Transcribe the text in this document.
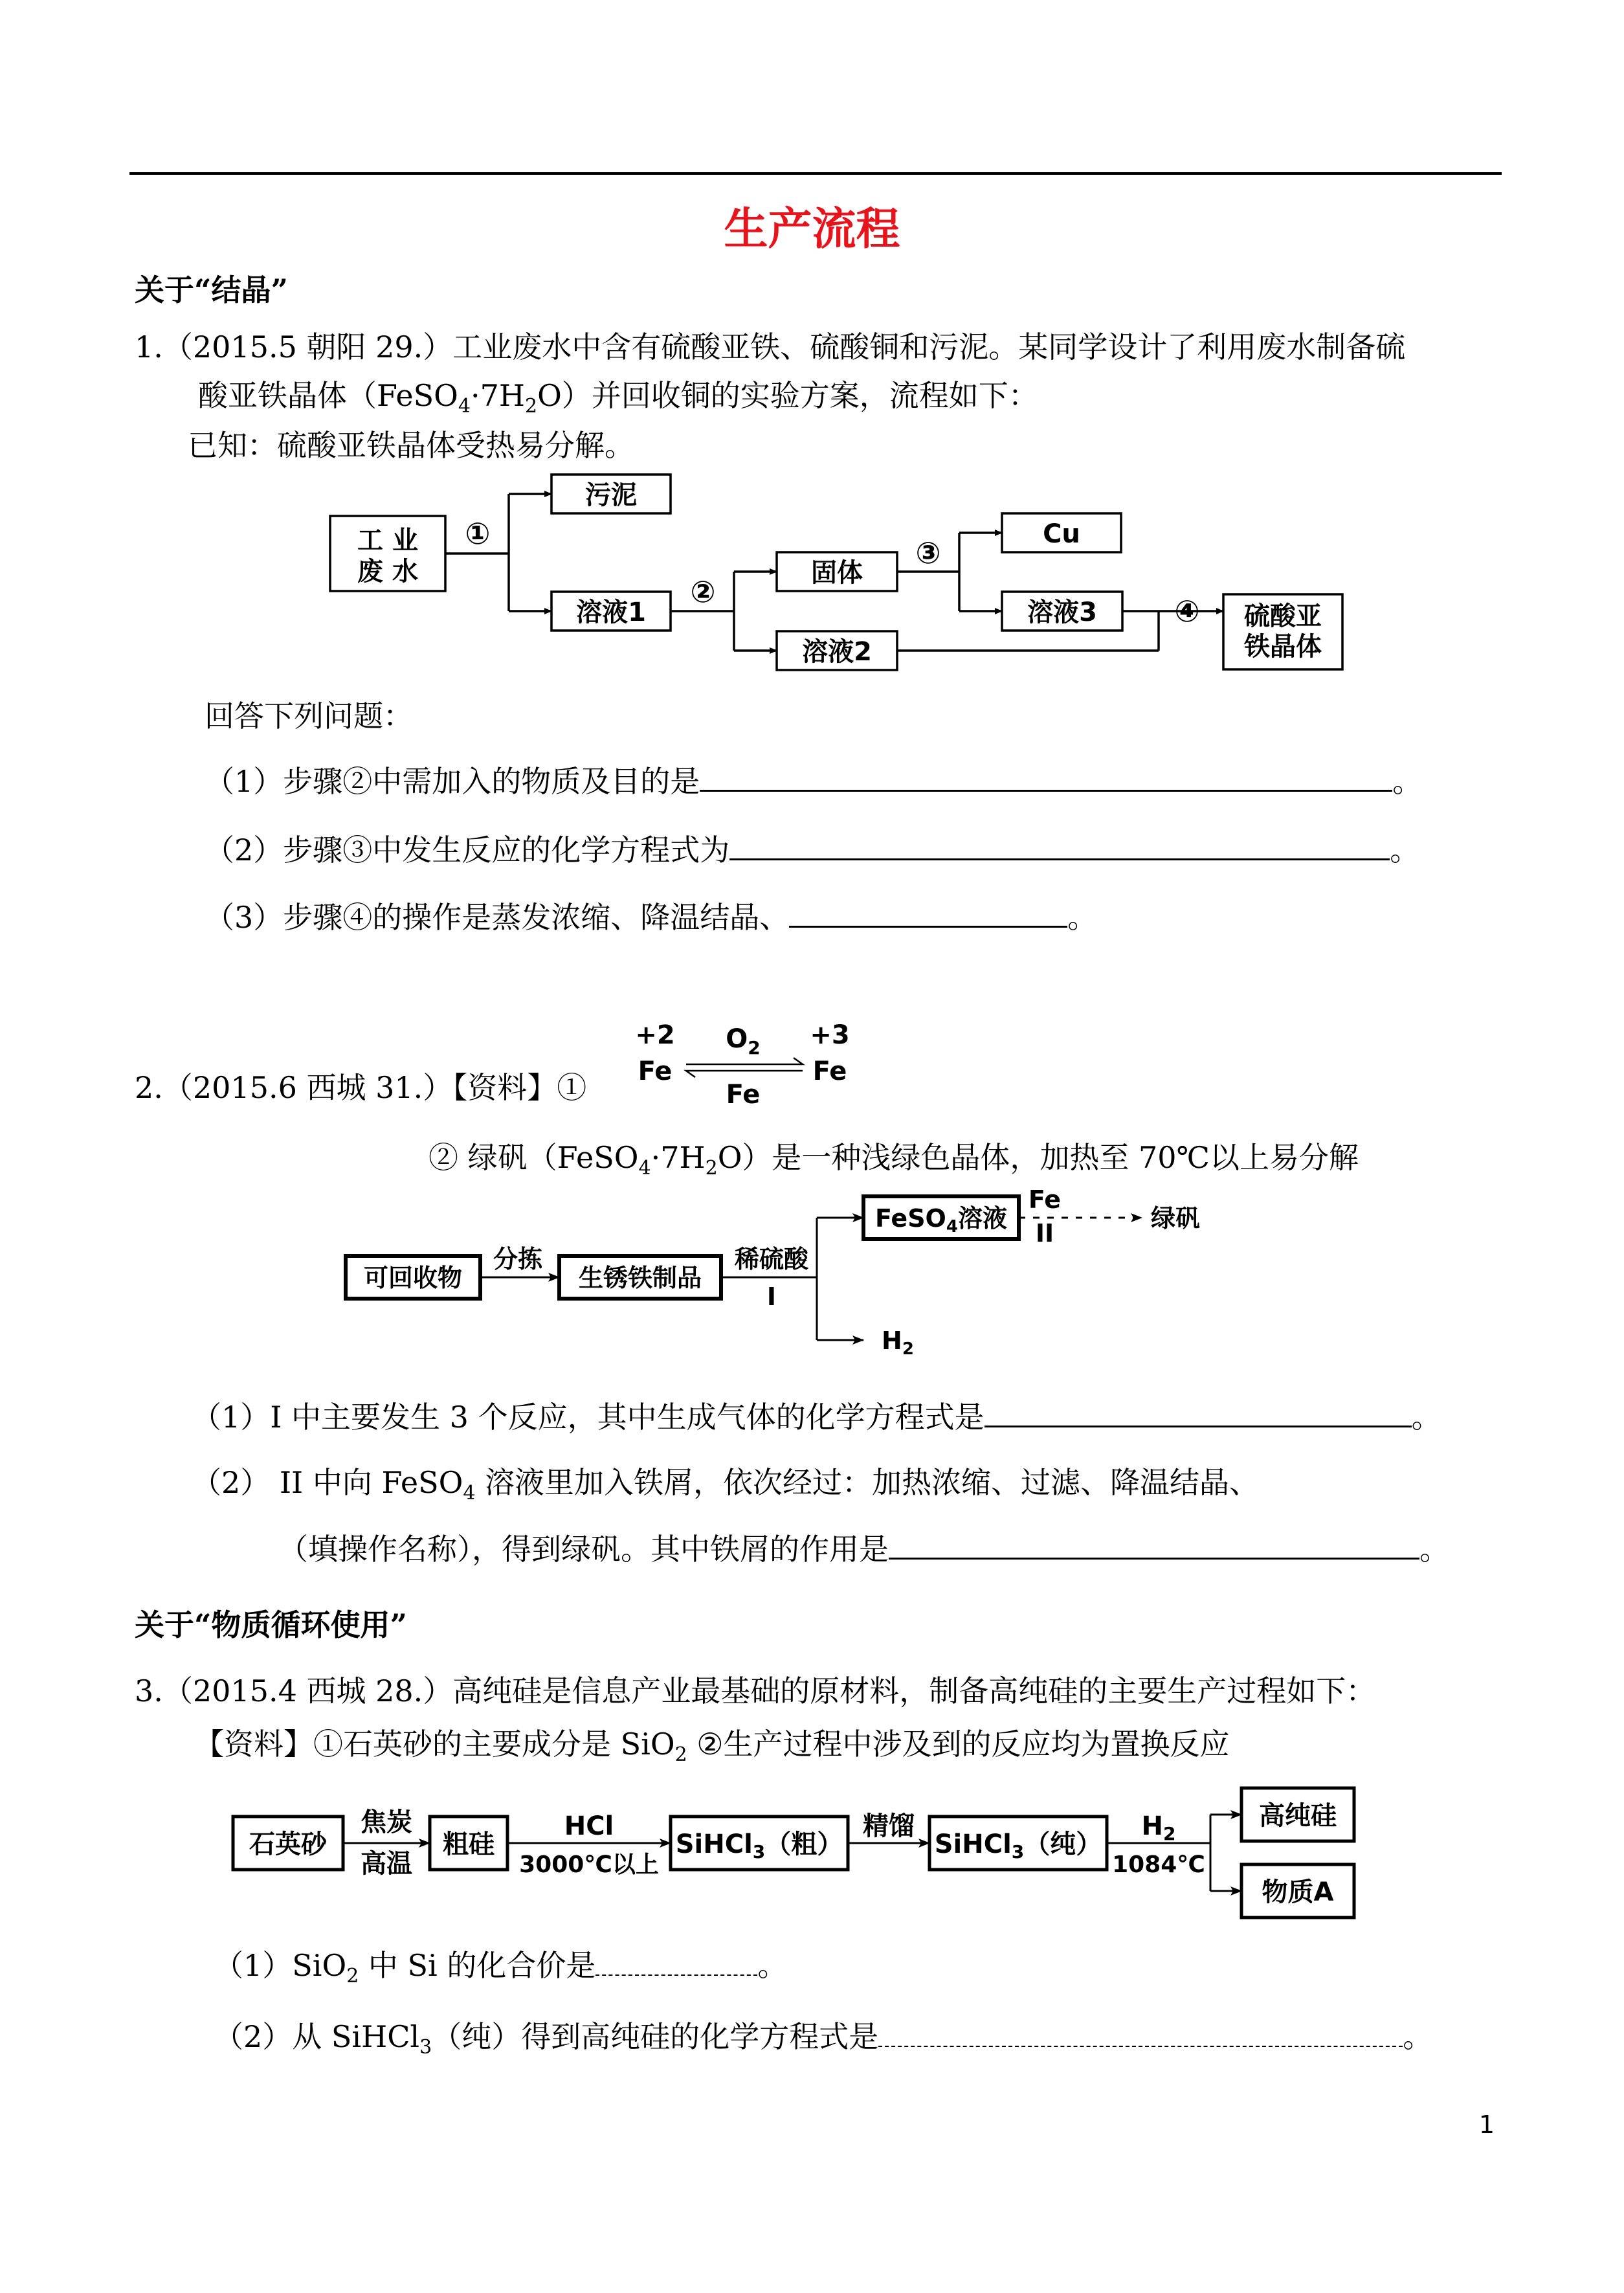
生产流程
关于“结晶”
1.（2015.5 朝阳 29.）工业废水中含有硫酸亚铁、硫酸铜和污泥。某同学设计了利用废水制备硫
酸亚铁晶体$(FeSO_4\cdot 7H_2O)$并回收铜的实验方案，流程如下：
已知：硫酸亚铁晶体受热易分解。
工 业
废 水
污泥
溶液1
固体
Cu
溶液3
溶液2
硫酸亚
铁晶体
①
②
③
④
回答下列问题：
（1）步骤②中需加入的物质及目的是	。
（2）步骤③中发生反应的化学方程式为	。
（3）步骤④的操作是蒸发浓缩、降温结晶、	。
2.（2015.6 西城 31.）【资料】①
+2
Fe
$O_2$
Fe
+3
Fe
② 绿矾$(FeSO_4\cdot 7H_2O)$是一种浅绿色晶体，加热至 70℃以上易分解
可回收物
分拣
生锈铁制品
稀硫酸
I
FeSO$_4$溶液
Fe
II
绿矾
$H_2$
（1）I 中主要发生 3 个反应，其中生成气体的化学方程式是	。
（2） II 中向 FeSO$_4$ 溶液里加入铁屑，依次经过：加热浓缩、过滤、降温结晶、
（填操作名称），得到绿矾。其中铁屑的作用是	。
关于“物质循环使用”
3.（2015.4 西城 28.）高纯硅是信息产业最基础的原材料，制备高纯硅的主要生产过程如下：
【资料】①石英砂的主要成分是 SiO$_2$ ②生产过程中涉及到的反应均为置换反应
石英砂
焦炭
高温
粗硅
HCl
3000℃以上
SiHCl$_3$（粗）
精馏
SiHCl$_3$（纯）
$H_2$
1084℃
高纯硅
物质A
（1）SiO$_2$ 中 Si 的化合价是	。
（2）从 SiHCl$_3$（纯）得到高纯硅的化学方程式是	。
1
